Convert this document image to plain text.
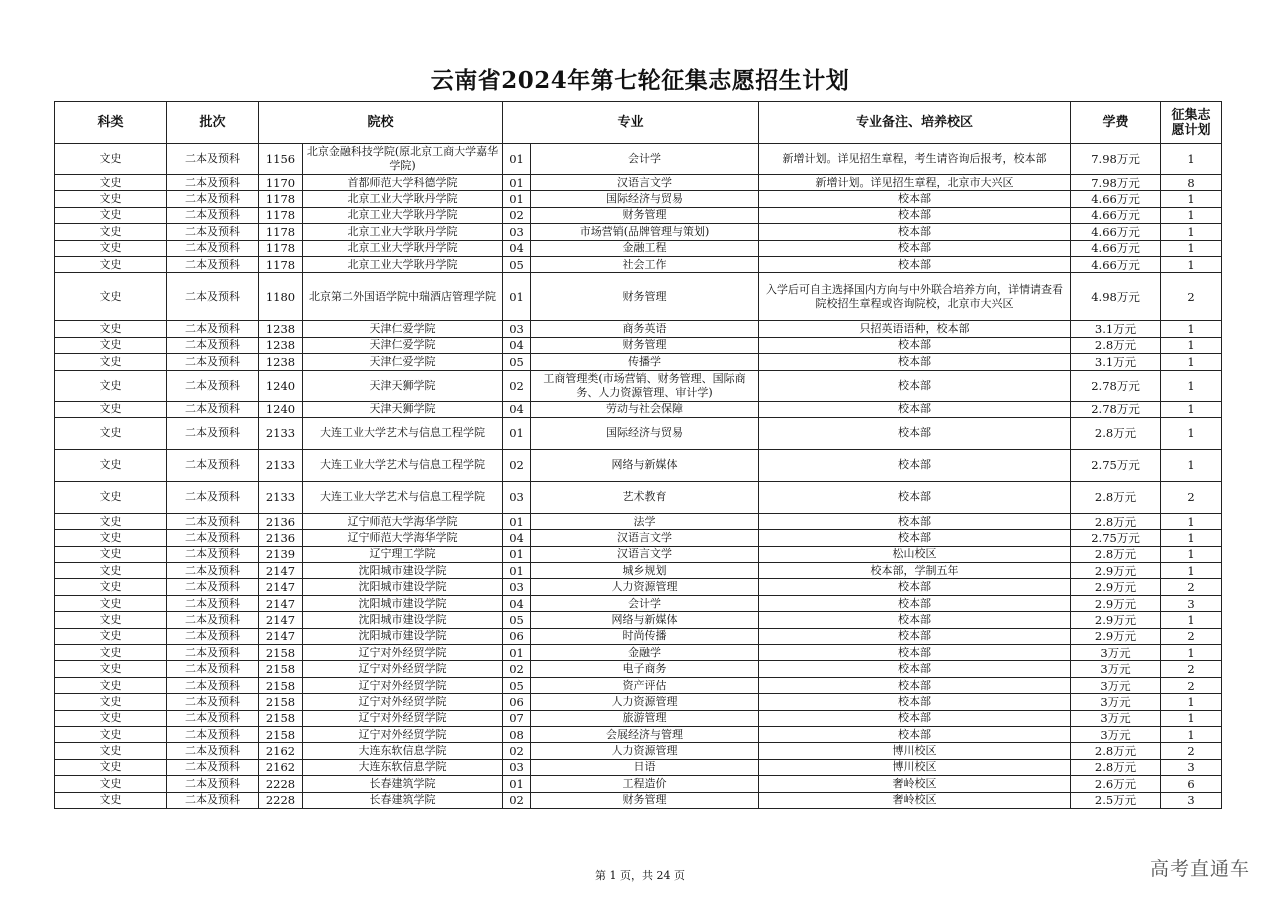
云南省2024年第七轮征集志愿招生计划
科类	批次	院校		专业		专业备注、培养校区	学费	征集志
愿计划
文史	二本及预科	1156	北京金融科技学院(原北京工商大学嘉华学院)	01	会计学	新增计划。详见招生章程，考生请咨询后报考，校本部	7.98万元	1
文史	二本及预科	1170	首都师范大学科德学院	01	汉语言文学	新增计划。详见招生章程，北京市大兴区	7.98万元	8
文史	二本及预科	1178	北京工业大学耿丹学院	01	国际经济与贸易	校本部	4.66万元	1
文史	二本及预科	1178	北京工业大学耿丹学院	02	财务管理	校本部	4.66万元	1
文史	二本及预科	1178	北京工业大学耿丹学院	03	市场营销(品牌管理与策划)	校本部	4.66万元	1
文史	二本及预科	1178	北京工业大学耿丹学院	04	金融工程	校本部	4.66万元	1
文史	二本及预科	1178	北京工业大学耿丹学院	05	社会工作	校本部	4.66万元	1
文史	二本及预科	1180	北京第二外国语学院中瑞酒店管理学院	01	财务管理	入学后可自主选择国内方向与中外联合培养方向，详情请查看院校招生章程或咨询院校，北京市大兴区	4.98万元	2
文史	二本及预科	1238	天津仁爱学院	03	商务英语	只招英语语种，校本部	3.1万元	1
文史	二本及预科	1238	天津仁爱学院	04	财务管理	校本部	2.8万元	1
文史	二本及预科	1238	天津仁爱学院	05	传播学	校本部	3.1万元	1
文史	二本及预科	1240	天津天狮学院	02	工商管理类(市场营销、财务管理、国际商务、人力资源管理、审计学)	校本部	2.78万元	1
文史	二本及预科	1240	天津天狮学院	04	劳动与社会保障	校本部	2.78万元	1
文史	二本及预科	2133	大连工业大学艺术与信息工程学院	01	国际经济与贸易	校本部	2.8万元	1
文史	二本及预科	2133	大连工业大学艺术与信息工程学院	02	网络与新媒体	校本部	2.75万元	1
文史	二本及预科	2133	大连工业大学艺术与信息工程学院	03	艺术教育	校本部	2.8万元	2
文史	二本及预科	2136	辽宁师范大学海华学院	01	法学	校本部	2.8万元	1
文史	二本及预科	2136	辽宁师范大学海华学院	04	汉语言文学	校本部	2.75万元	1
文史	二本及预科	2139	辽宁理工学院	01	汉语言文学	松山校区	2.8万元	1
文史	二本及预科	2147	沈阳城市建设学院	01	城乡规划	校本部，学制五年	2.9万元	1
文史	二本及预科	2147	沈阳城市建设学院	03	人力资源管理	校本部	2.9万元	2
文史	二本及预科	2147	沈阳城市建设学院	04	会计学	校本部	2.9万元	3
文史	二本及预科	2147	沈阳城市建设学院	05	网络与新媒体	校本部	2.9万元	1
文史	二本及预科	2147	沈阳城市建设学院	06	时尚传播	校本部	2.9万元	2
文史	二本及预科	2158	辽宁对外经贸学院	01	金融学	校本部	3万元	1
文史	二本及预科	2158	辽宁对外经贸学院	02	电子商务	校本部	3万元	2
文史	二本及预科	2158	辽宁对外经贸学院	05	资产评估	校本部	3万元	2
文史	二本及预科	2158	辽宁对外经贸学院	06	人力资源管理	校本部	3万元	1
文史	二本及预科	2158	辽宁对外经贸学院	07	旅游管理	校本部	3万元	1
文史	二本及预科	2158	辽宁对外经贸学院	08	会展经济与管理	校本部	3万元	1
文史	二本及预科	2162	大连东软信息学院	02	人力资源管理	博川校区	2.8万元	2
文史	二本及预科	2162	大连东软信息学院	03	日语	博川校区	2.8万元	3
文史	二本及预科	2228	长春建筑学院	01	工程造价	奢岭校区	2.6万元	6
文史	二本及预科	2228	长春建筑学院	02	财务管理	奢岭校区	2.5万元	3
第 1 页，共 24 页	高考直通车
